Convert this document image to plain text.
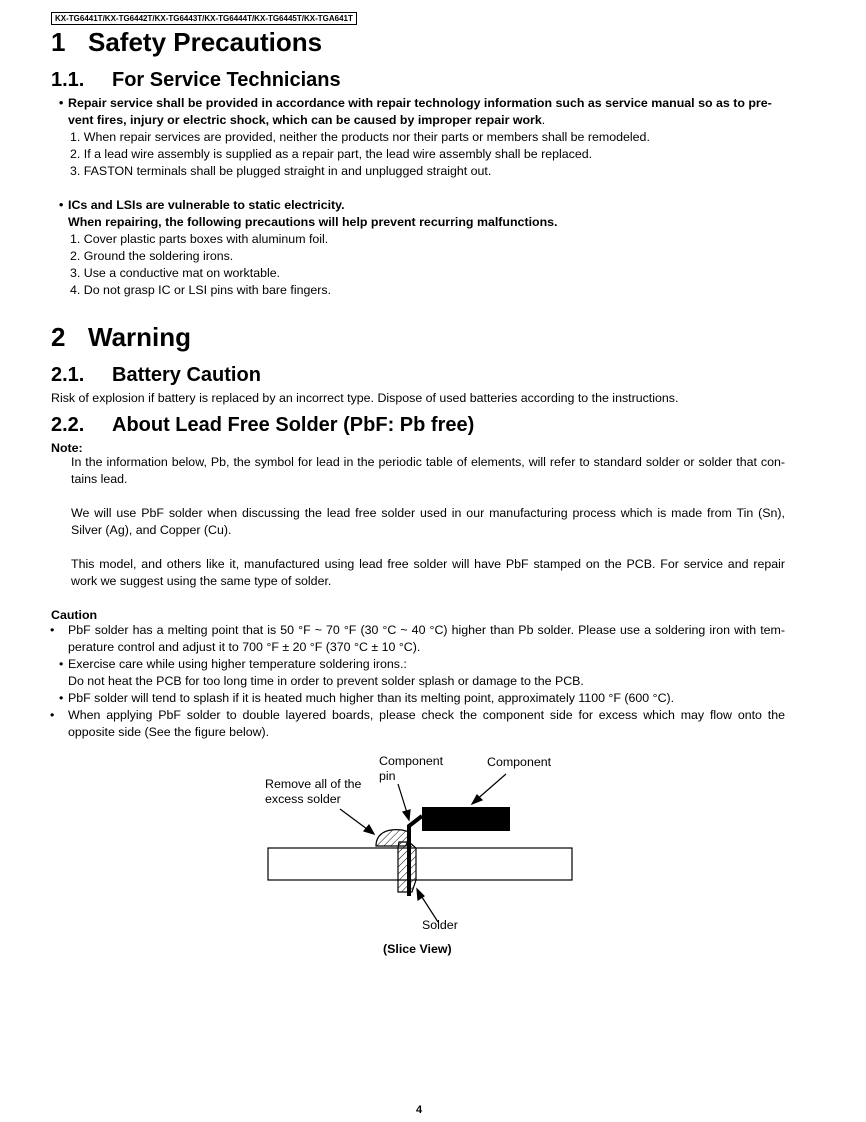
KX-TG6441T/KX-TG6442T/KX-TG6443T/KX-TG6444T/KX-TG6445T/KX-TGA641T
1 Safety Precautions
1.1. For Service Technicians
• Repair service shall be provided in accordance with repair technology information such as service manual so as to pre-
vent fires, injury or electric shock, which can be caused by improper repair work.
1. When repair services are provided, neither the products nor their parts or members shall be remodeled.
2. If a lead wire assembly is supplied as a repair part, the lead wire assembly shall be replaced.
3. FASTON terminals shall be plugged straight in and unplugged straight out.
• ICs and LSIs are vulnerable to static electricity.
When repairing, the following precautions will help prevent recurring malfunctions.
1. Cover plastic parts boxes with aluminum foil.
2. Ground the soldering irons.
3. Use a conductive mat on worktable.
4. Do not grasp IC or LSI pins with bare fingers.
2 Warning
2.1. Battery Caution
Risk of explosion if battery is replaced by an incorrect type. Dispose of used batteries according to the instructions.
2.2. About Lead Free Solder (PbF: Pb free)
Note:
In the information below, Pb, the symbol for lead in the periodic table of elements, will refer to standard solder or solder that con- tains lead.
We will use PbF solder when discussing the lead free solder used in our manufacturing process which is made from Tin (Sn), Silver (Ag), and Copper (Cu).
This model, and others like it, manufactured using lead free solder will have PbF stamped on the PCB. For service and repair work we suggest using the same type of solder.
Caution
• PbF solder has a melting point that is 50 °F ~ 70 °F (30 °C ~ 40 °C) higher than Pb solder. Please use a soldering iron with tem- perature control and adjust it to 700 °F ± 20 °F (370 °C ± 10 °C).
• Exercise care while using higher temperature soldering irons.:
Do not heat the PCB for too long time in order to prevent solder splash or damage to the PCB.
• PbF solder will tend to splash if it is heated much higher than its melting point, approximately 1100 °F (600 °C).
• When applying PbF solder to double layered boards, please check the component side for excess which may flow onto the opposite side (See the figure below).
Remove all of the
excess solder
Component
pin
Component
Solder
(Slice View)
4
